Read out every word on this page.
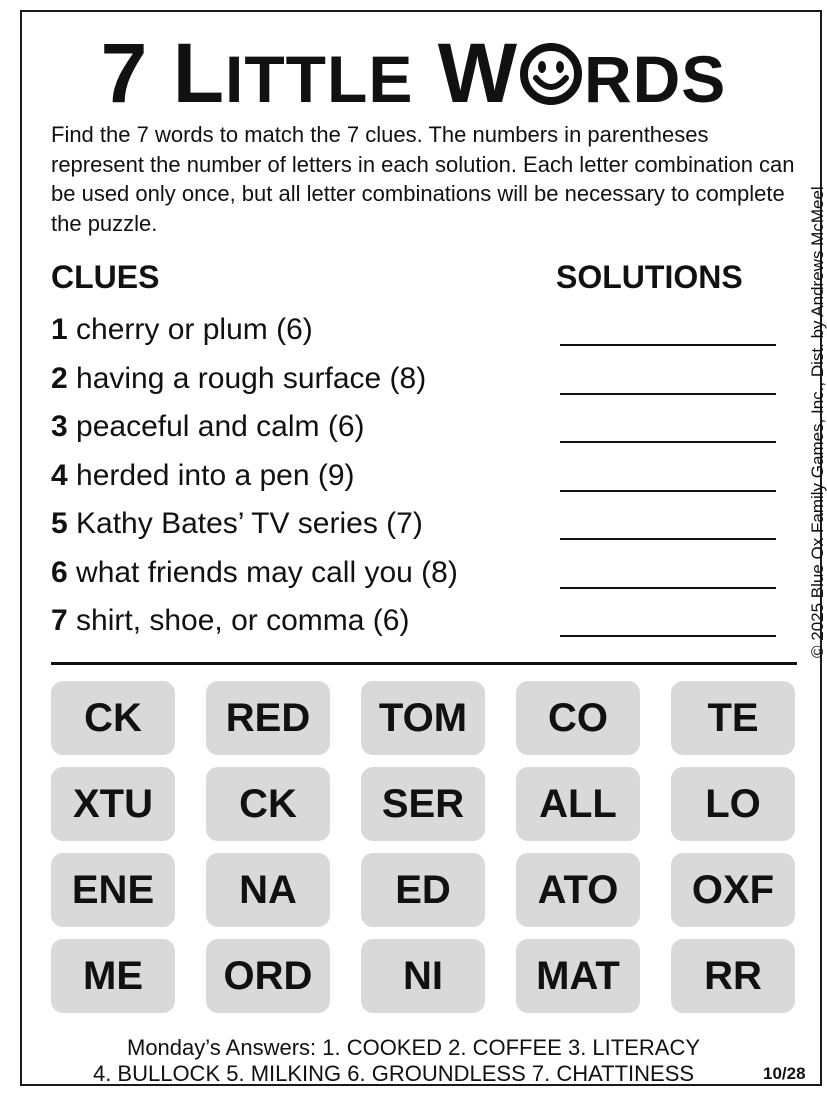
7 LITTLE W RDS
Find the 7 words to match the 7 clues. The numbers in parentheses represent the number of letters in each solution. Each letter combination can be used only once, but all letter combinations will be necessary to complete the puzzle.
CLUES	SOLUTIONS
1 cherry or plum (6)
2 having a rough surface (8)
3 peaceful and calm (6)
4 herded into a pen (9)
5 Kathy Bates’ TV series (7)
6 what friends may call you (8)
7 shirt, shoe, or comma (6)	© 2025 Blue Ox Family Games, Inc., Dist. by Andrews McMeel
CK	RED	TOM	CO	TE
XTU	CK	SER	ALL	LO
ENE	NA	ED	ATO	OXF
ME	ORD	NI	MAT	RR
Monday’s Answers: 1. COOKED 2. COFFEE 3. LITERACY
4. BULLOCK 5. MILKING 6. GROUNDLESS 7. CHATTINESS	10/28
